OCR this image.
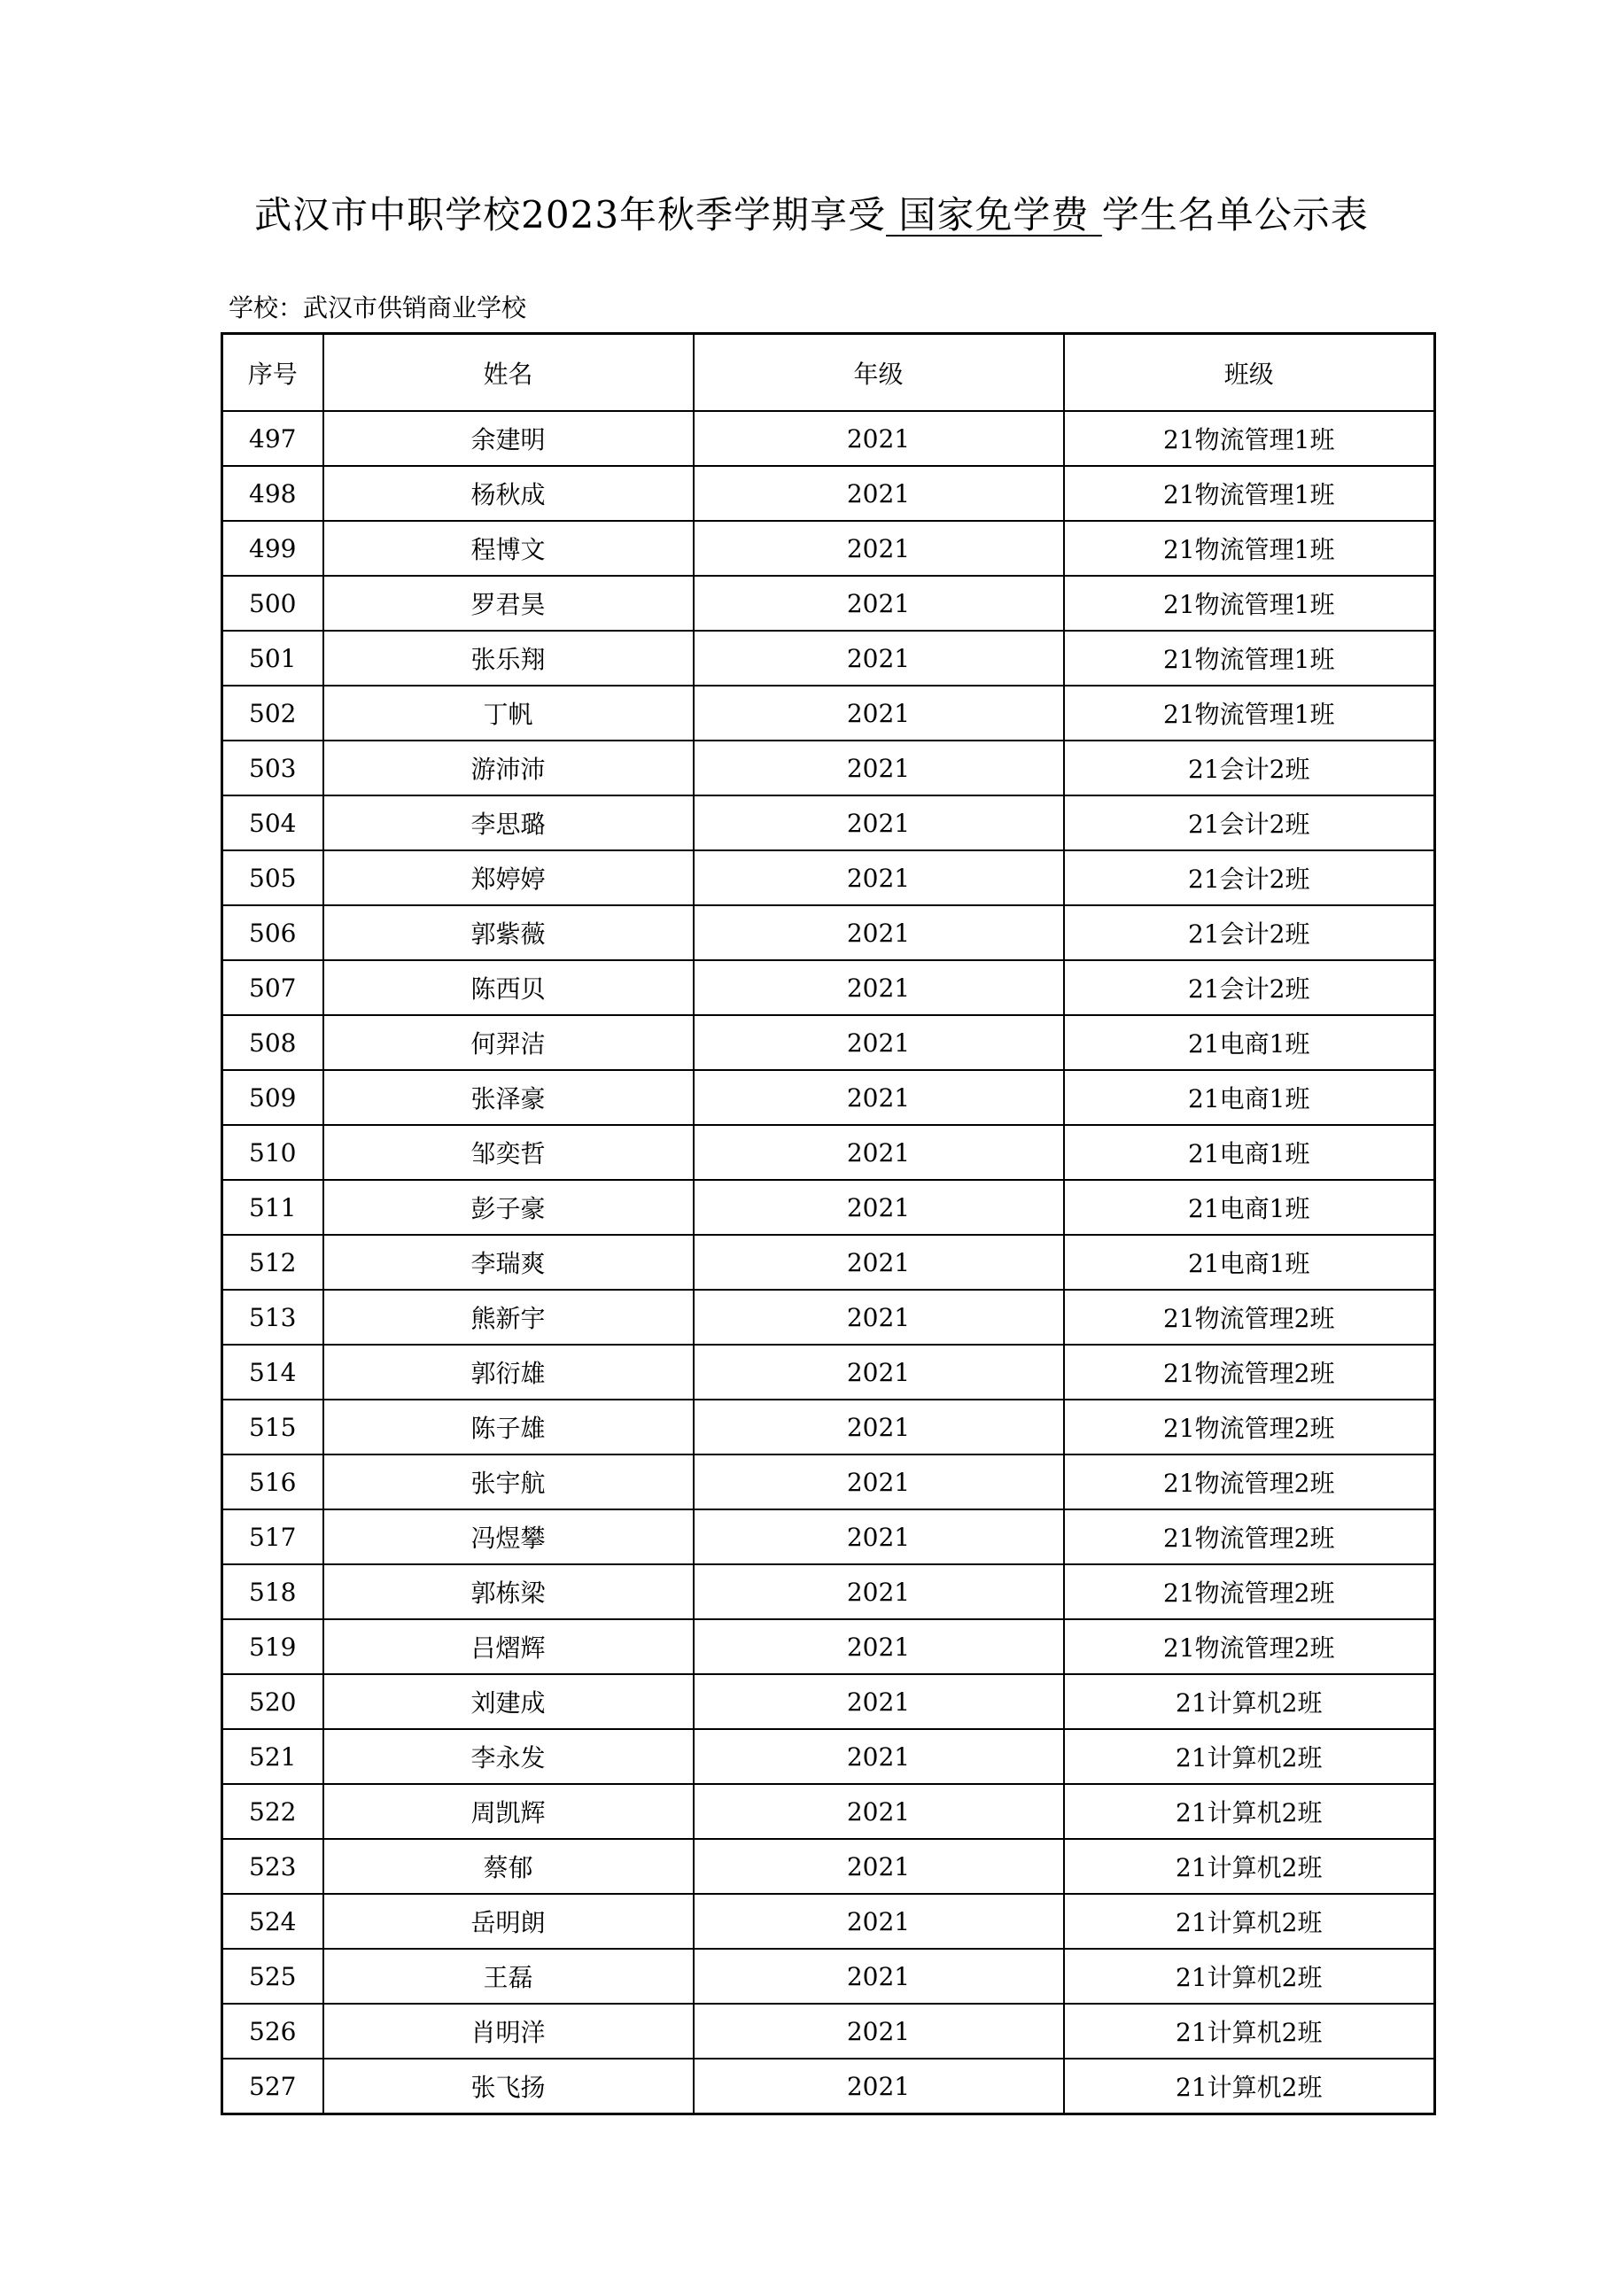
武汉市中职学校2023年秋季学期享受 国家免学费 学生名单公示表
学校：武汉市供销商业学校
序号	姓名	年级	班级
497	余建明	2021	21物流管理1班
498	杨秋成	2021	21物流管理1班
499	程博文	2021	21物流管理1班
500	罗君昊	2021	21物流管理1班
501	张乐翔	2021	21物流管理1班
502	丁帆	2021	21物流管理1班
503	游沛沛	2021	21会计2班
504	李思璐	2021	21会计2班
505	郑婷婷	2021	21会计2班
506	郭紫薇	2021	21会计2班
507	陈西贝	2021	21会计2班
508	何羿洁	2021	21电商1班
509	张泽豪	2021	21电商1班
510	邹奕哲	2021	21电商1班
511	彭子豪	2021	21电商1班
512	李瑞爽	2021	21电商1班
513	熊新宇	2021	21物流管理2班
514	郭衍雄	2021	21物流管理2班
515	陈子雄	2021	21物流管理2班
516	张宇航	2021	21物流管理2班
517	冯煜攀	2021	21物流管理2班
518	郭栋梁	2021	21物流管理2班
519	吕熠辉	2021	21物流管理2班
520	刘建成	2021	21计算机2班
521	李永发	2021	21计算机2班
522	周凯辉	2021	21计算机2班
523	蔡郁	2021	21计算机2班
524	岳明朗	2021	21计算机2班
525	王磊	2021	21计算机2班
526	肖明洋	2021	21计算机2班
527	张飞扬	2021	21计算机2班
